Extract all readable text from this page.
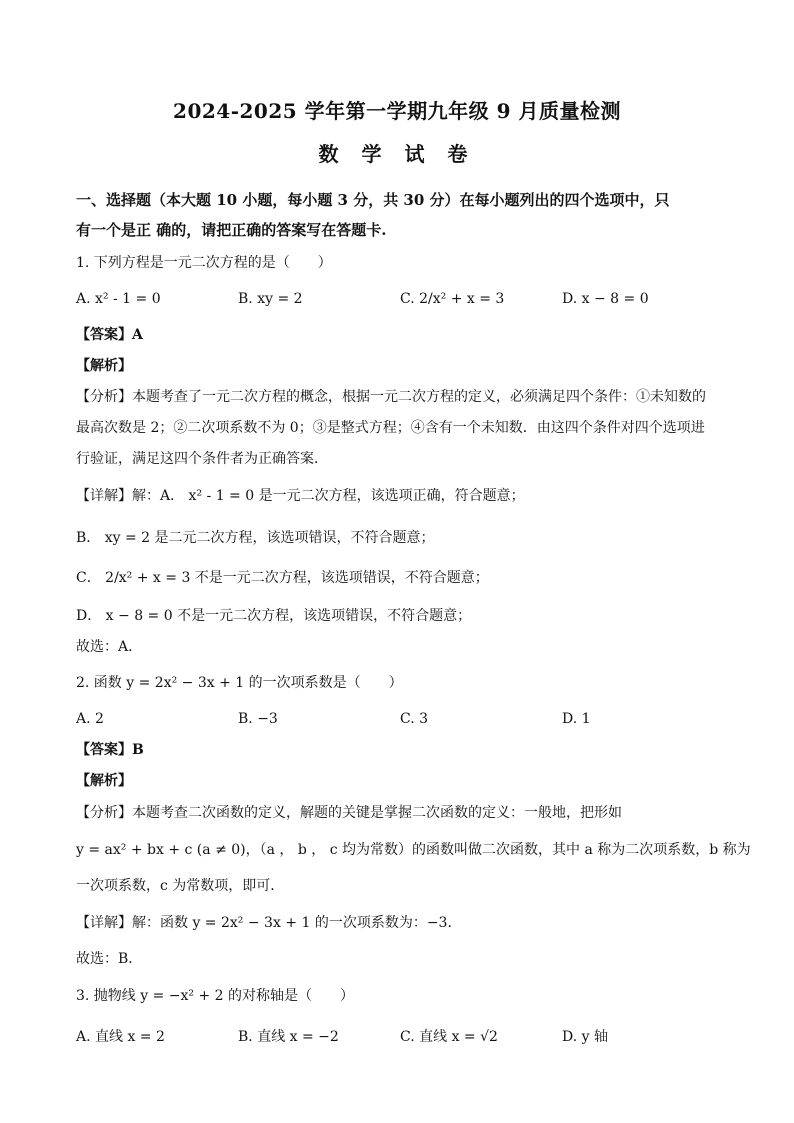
2024-2025 学年第一学期九年级 9 月质量检测
数 学 试 卷
一、选择题（本大题 10 小题，每小题 3 分，共 30 分）在每小题列出的四个选项中，只
有一个是正 确的，请把正确的答案写在答题卡.
1. 下列方程是一元二次方程的是（　　）
A. x² - 1 = 0	B. xy = 2	C. 2/x² + x = 3	D. x − 8 = 0
【答案】A
【解析】
【分析】本题考查了一元二次方程的概念，根据一元二次方程的定义，必须满足四个条件：①未知数的
最高次数是 2；②二次项系数不为 0；③是整式方程；④含有一个未知数．由这四个条件对四个选项进
行验证，满足这四个条件者为正确答案．
【详解】解：A． x² - 1 = 0 是一元二次方程，该选项正确，符合题意；
B． xy = 2 是二元二次方程，该选项错误，不符合题意；
C． 2/x² + x = 3 不是一元二次方程，该选项错误，不符合题意；
D． x − 8 = 0 不是一元二次方程，该选项错误，不符合题意；
故选：A．
2. 函数 y = 2x² − 3x + 1 的一次项系数是（　　）
A. 2	B. −3	C. 3	D. 1
【答案】B
【解析】
【分析】本题考查二次函数的定义，解题的关键是掌握二次函数的定义：一般地，把形如
y = ax² + bx + c (a ≠ 0)，（a ， b ， c 均为常数）的函数叫做二次函数，其中 a 称为二次项系数，b 称为
一次项系数，c 为常数项，即可．
【详解】解：函数 y = 2x² − 3x + 1 的一次项系数为：−3．
故选：B．
3. 抛物线 y = −x² + 2 的对称轴是（　　）
A. 直线 x = 2	B. 直线 x = −2	C. 直线 x = √2	D. y 轴
